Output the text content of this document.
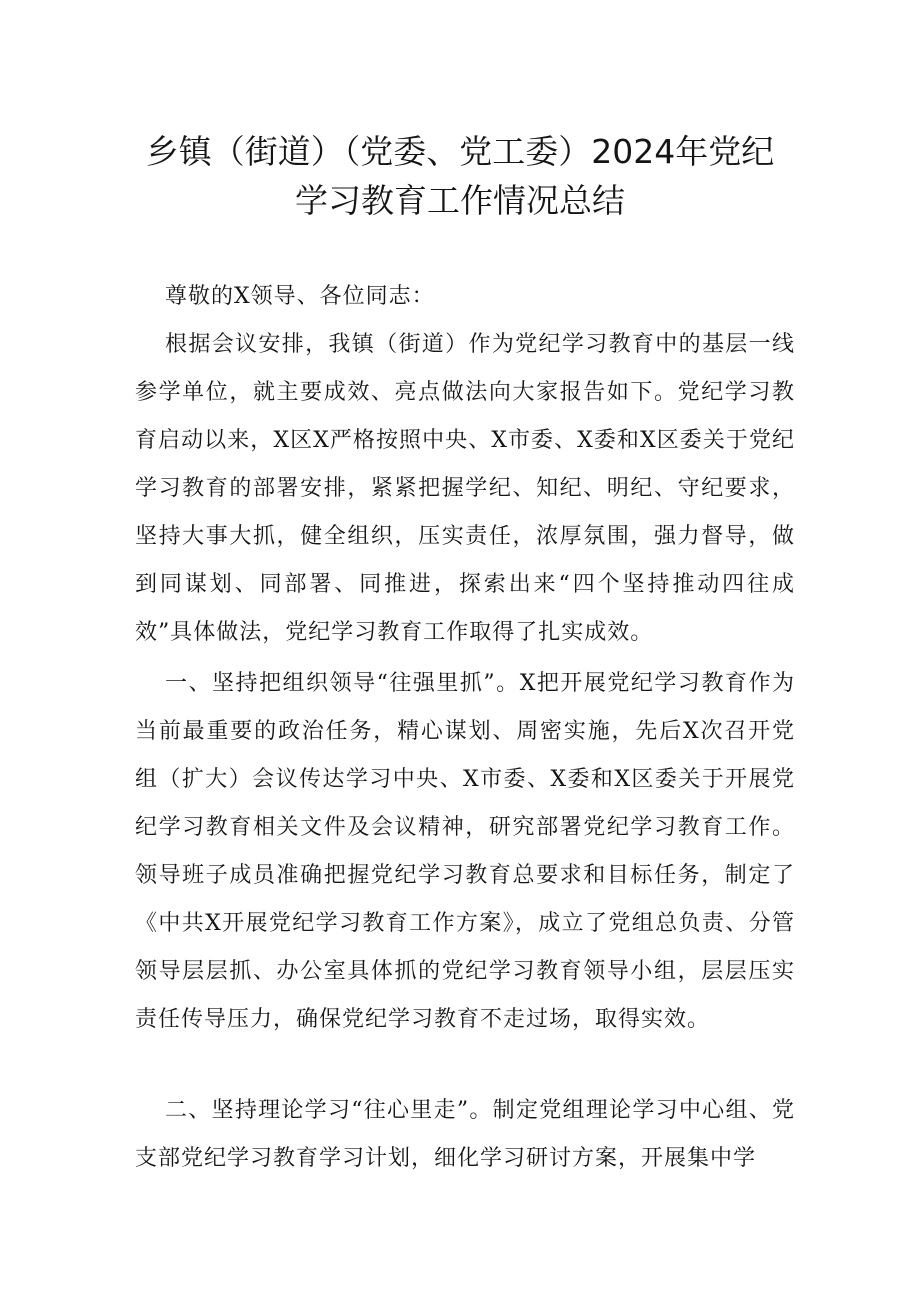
乡镇（街道）（党委、党工委）2024年党纪
学习教育工作情况总结

尊敬的X领导、各位同志：

根据会议安排，我镇（街道）作为党纪学习教育中的基层一线参学单位，就主要成效、亮点做法向大家报告如下。党纪学习教育启动以来，X区X严格按照中央、X市委、X委和X区委关于党纪学习教育的部署安排，紧紧把握学纪、知纪、明纪、守纪要求，坚持大事大抓，健全组织，压实责任，浓厚氛围，强力督导，做到同谋划、同部署、同推进，探索出来“四个坚持推动四往成效”具体做法，党纪学习教育工作取得了扎实成效。

一、坚持把组织领导“往强里抓”。X把开展党纪学习教育作为当前最重要的政治任务，精心谋划、周密实施，先后X次召开党组（扩大）会议传达学习中央、X市委、X委和X区委关于开展党纪学习教育相关文件及会议精神，研究部署党纪学习教育工作。领导班子成员准确把握党纪学习教育总要求和目标任务，制定了《中共X开展党纪学习教育工作方案》，成立了党组总负责、分管领导层层抓、办公室具体抓的党纪学习教育领导小组，层层压实责任传导压力，确保党纪学习教育不走过场，取得实效。

二、坚持理论学习“往心里走”。制定党组理论学习中心组、党支部党纪学习教育学习计划，细化学习研讨方案，开展集中学
